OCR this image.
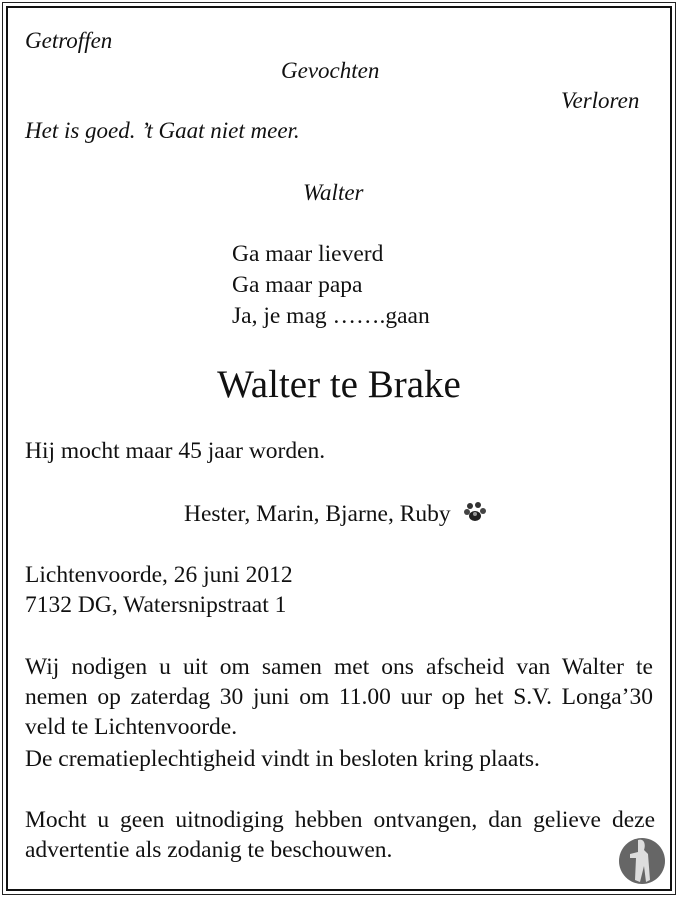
Getroffen
Gevochten
Verloren
Het is goed. ’t Gaat niet meer.
Walter
Ga maar lieverd
Ga maar papa
Ja, je mag …….gaan
Walter te Brake
Hij mocht maar 45 jaar worden.
Hester, Marin, Bjarne, Ruby
Lichtenvoorde, 26 juni 2012
7132 DG, Watersnipstraat 1
Wij nodigen u uit om samen met ons afscheid van Walter te nemen op zaterdag 30 juni om 11.00 uur op het S.V. Longa’30 veld te Lichtenvoorde.
De crematieplechtigheid vindt in besloten kring plaats.
Mocht u geen uitnodiging hebben ontvangen, dan gelieve deze advertentie als zodanig te beschouwen.
